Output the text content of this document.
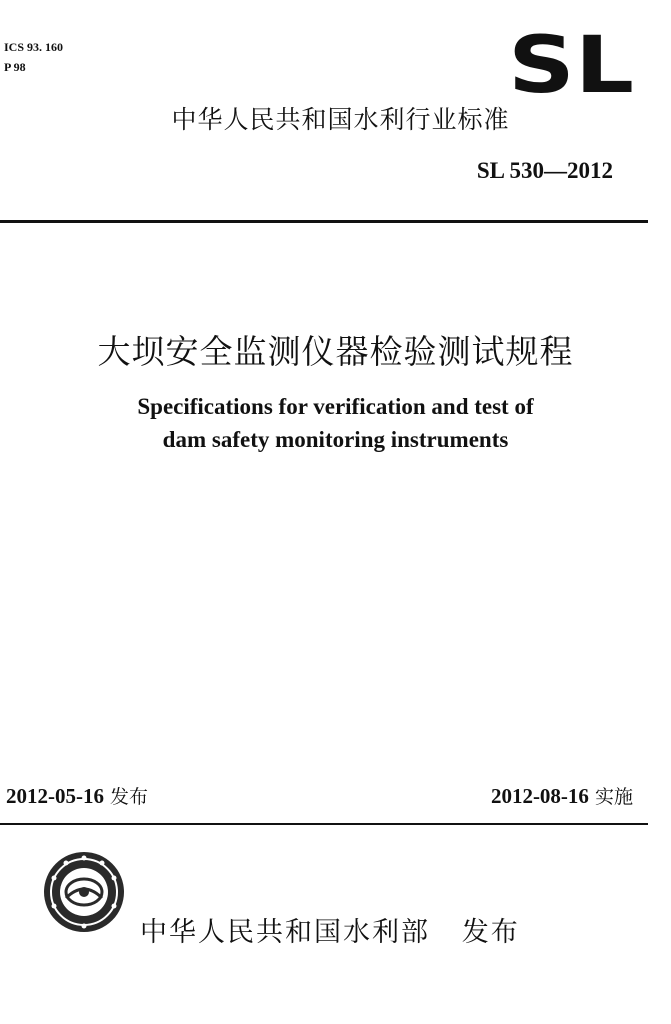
ICS 93. 160
P 98	SL
中华人民共和国水利行业标准
SL 530—2012
大坝安全监测仪器检验测试规程
Specifications for verification and test of
dam safety monitoring instruments
2012-05-16 发布	2012-08-16 实施
中华人民共和国水利部   发布
